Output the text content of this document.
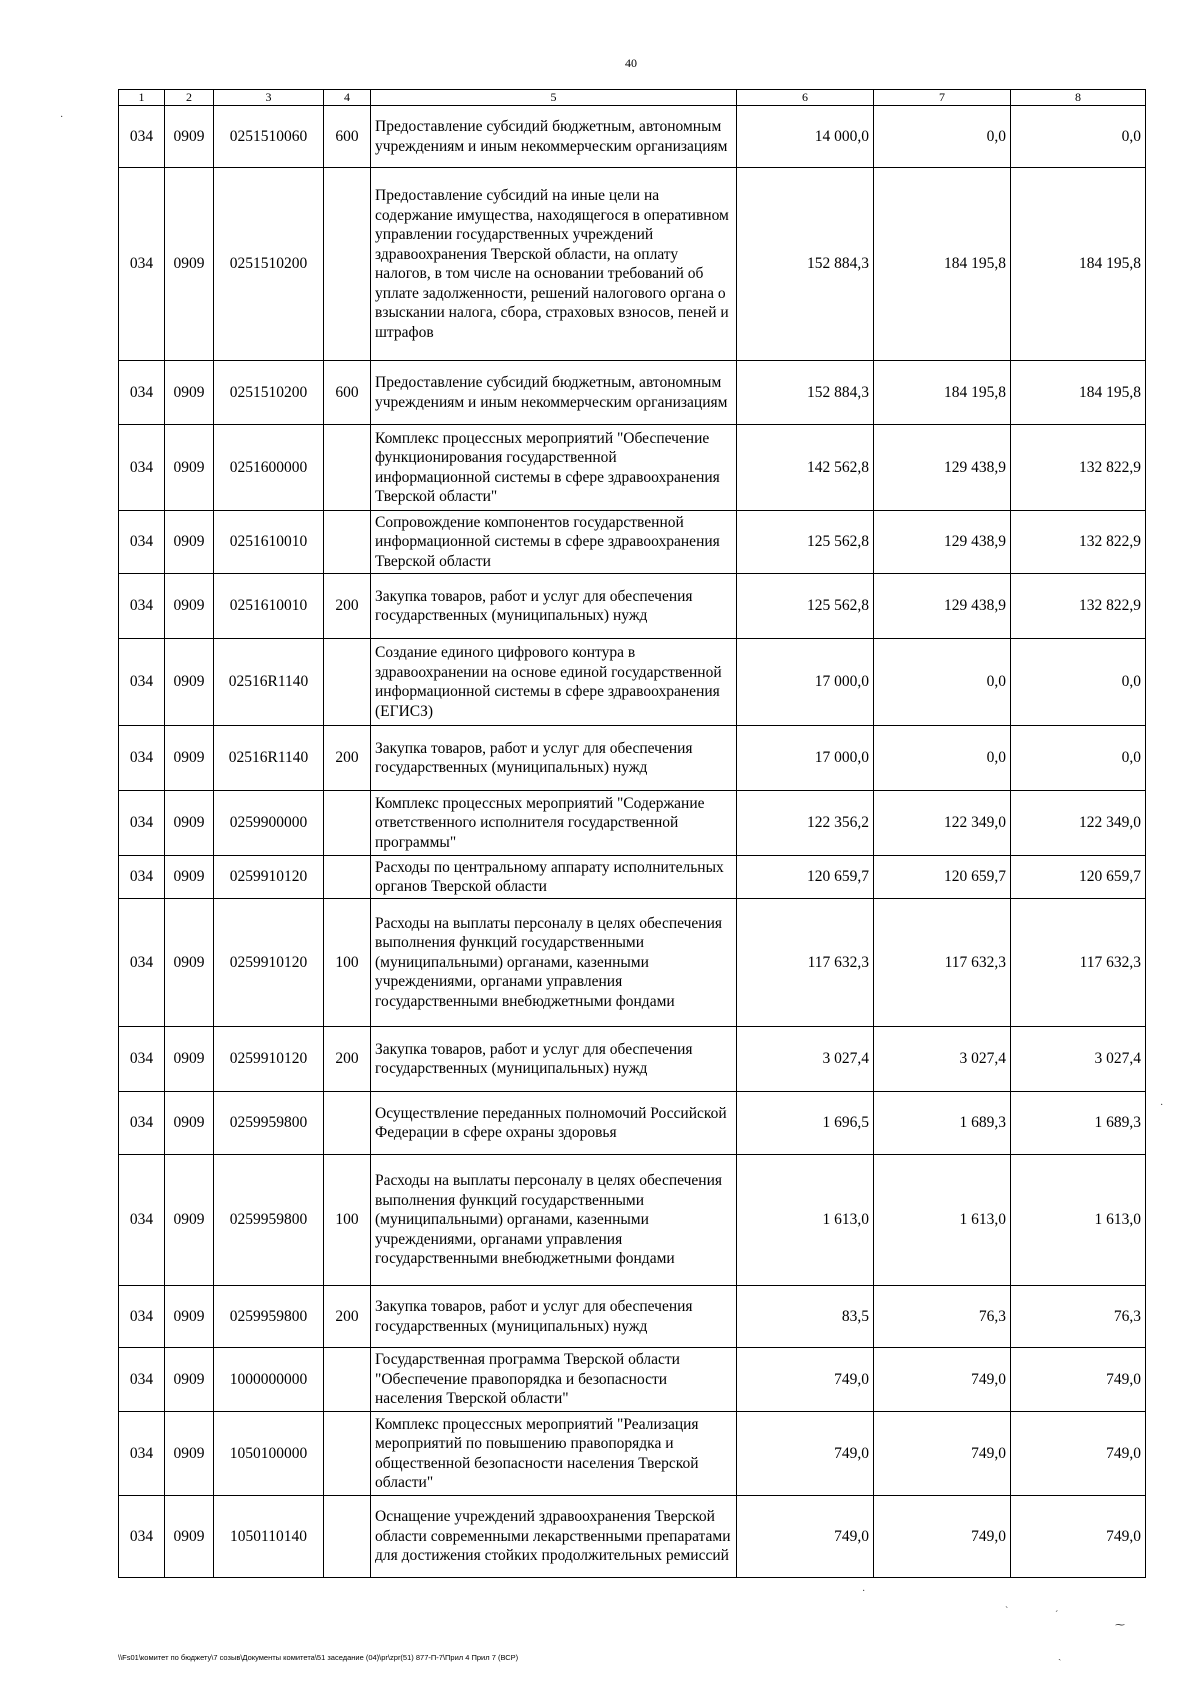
40
1	2	3	4	5	6	7	8
034	0909	0251510060	600	Предоставление субсидий бюджетным, автономным учреждениям и иным некоммерческим организациям	14 000,0	0,0	0,0
034	0909	0251510200		Предоставление субсидий на иные цели на содержание имущества, находящегося в оперативном управлении государственных учреждений здравоохранения Тверской области, на оплату налогов, в том числе на основании требований об уплате задолженности, решений налогового органа о взыскании налога, сбора, страховых взносов, пеней и штрафов	152 884,3	184 195,8	184 195,8
034	0909	0251510200	600	Предоставление субсидий бюджетным, автономным учреждениям и иным некоммерческим организациям	152 884,3	184 195,8	184 195,8
034	0909	0251600000		Комплекс процессных мероприятий "Обеспечение функционирования государственной информационной системы в сфере здравоохранения Тверской области"	142 562,8	129 438,9	132 822,9
034	0909	0251610010		Сопровождение компонентов государственной информационной системы в сфере здравоохранения Тверской области	125 562,8	129 438,9	132 822,9
034	0909	0251610010	200	Закупка товаров, работ и услуг для обеспечения государственных (муниципальных) нужд	125 562,8	129 438,9	132 822,9
034	0909	02516R1140		Создание единого цифрового контура в здравоохранении на основе единой государственной информационной системы в сфере здравоохранения (ЕГИСЗ)	17 000,0	0,0	0,0
034	0909	02516R1140	200	Закупка товаров, работ и услуг для обеспечения государственных (муниципальных) нужд	17 000,0	0,0	0,0
034	0909	0259900000		Комплекс процессных мероприятий "Содержание ответственного исполнителя государственной программы"	122 356,2	122 349,0	122 349,0
034	0909	0259910120		Расходы по центральному аппарату исполнительных органов Тверской области	120 659,7	120 659,7	120 659,7
034	0909	0259910120	100	Расходы на выплаты персоналу в целях обеспечения выполнения функций государственными (муниципальными) органами, казенными учреждениями, органами управления государственными внебюджетными фондами	117 632,3	117 632,3	117 632,3
034	0909	0259910120	200	Закупка товаров, работ и услуг для обеспечения государственных (муниципальных) нужд	3 027,4	3 027,4	3 027,4
034	0909	0259959800		Осуществление переданных полномочий Российской Федерации в сфере охраны здоровья	1 696,5	1 689,3	1 689,3
034	0909	0259959800	100	Расходы на выплаты персоналу в целях обеспечения выполнения функций государственными (муниципальными) органами, казенными учреждениями, органами управления государственными внебюджетными фондами	1 613,0	1 613,0	1 613,0
034	0909	0259959800	200	Закупка товаров, работ и услуг для обеспечения государственных (муниципальных) нужд	83,5	76,3	76,3
034	0909	1000000000		Государственная программа Тверской области "Обеспечение правопорядка и безопасности населения Тверской области"	749,0	749,0	749,0
034	0909	1050100000		Комплекс процессных мероприятий "Реализация мероприятий по повышению правопорядка и общественной безопасности населения Тверской области"	749,0	749,0	749,0
034	0909	1050110140		Оснащение учреждений здравоохранения Тверской области современными лекарственными препаратами для достижения стойких продолжительных ремиссий	749,0	749,0	749,0
\\Fs01\комитет по бюджету\7 созыв\Документы комитета\51 заседание (04)\pr\zpr(51) 877-П-7\Прил 4 Прил 7 (ВСР)
·
ˋ	ˊ
⁓
ˎ
·
·
